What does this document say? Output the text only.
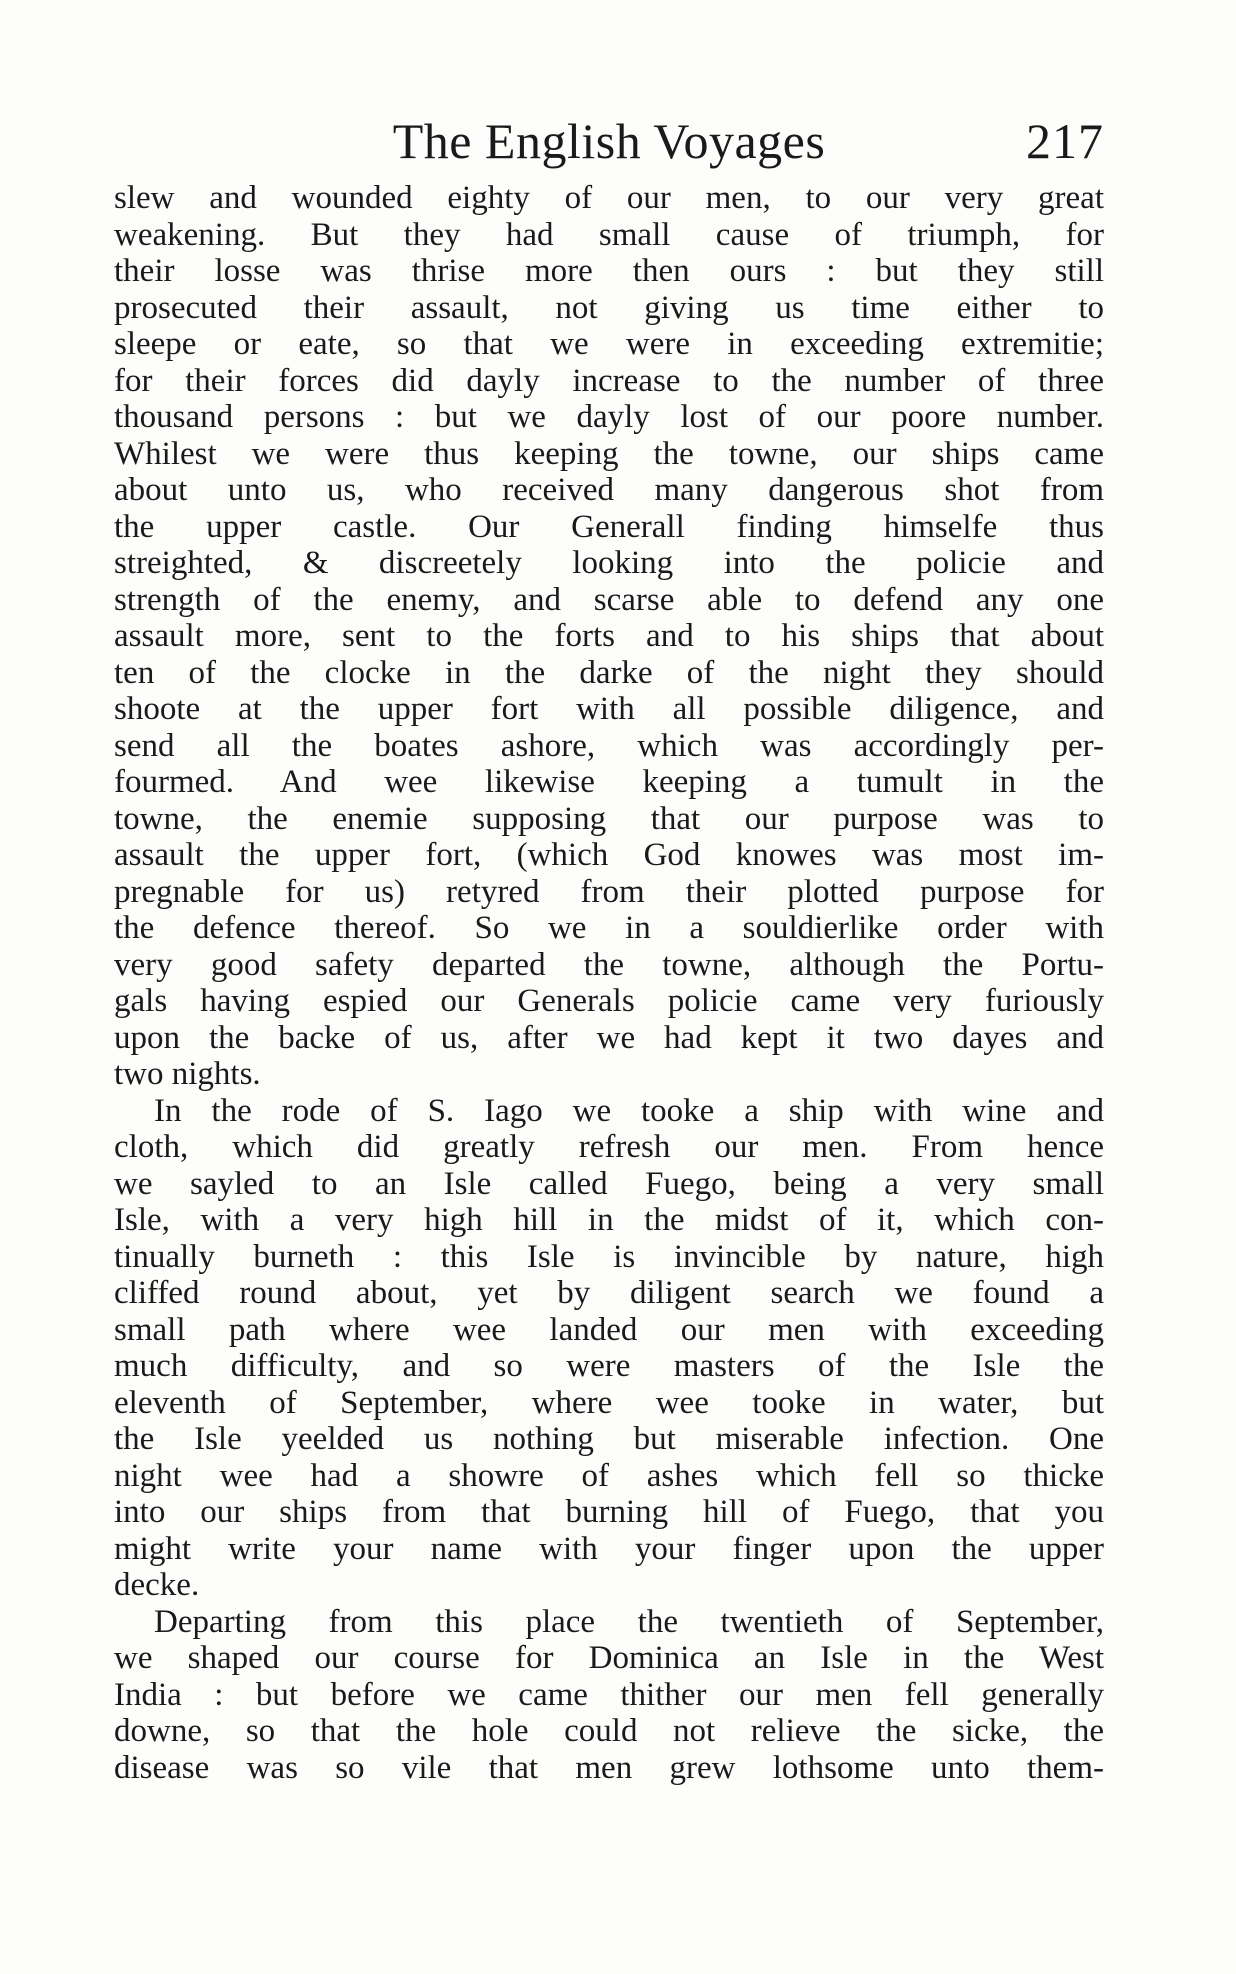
The English Voyages	217
slew and wounded eighty of our men, to our very great
weakening. But they had small cause of triumph, for
their losse was thrise more then ours : but they still
prosecuted their assault, not giving us time either to
sleepe or eate, so that we were in exceeding extremitie;
for their forces did dayly increase to the number of three
thousand persons : but we dayly lost of our poore number.
Whilest we were thus keeping the towne, our ships came
about unto us, who received many dangerous shot from
the upper castle. Our Generall finding himselfe thus
streighted, & discreetely looking into the policie and
strength of the enemy, and scarse able to defend any one
assault more, sent to the forts and to his ships that about
ten of the clocke in the darke of the night they should
shoote at the upper fort with all possible diligence, and
send all the boates ashore, which was accordingly per-
fourmed. And wee likewise keeping a tumult in the
towne, the enemie supposing that our purpose was to
assault the upper fort, (which God knowes was most im-
pregnable for us) retyred from their plotted purpose for
the defence thereof. So we in a souldierlike order with
very good safety departed the towne, although the Portu-
gals having espied our Generals policie came very furiously
upon the backe of us, after we had kept it two dayes and
two nights.
In the rode of S. Iago we tooke a ship with wine and
cloth, which did greatly refresh our men. From hence
we sayled to an Isle called Fuego, being a very small
Isle, with a very high hill in the midst of it, which con-
tinually burneth : this Isle is invincible by nature, high
cliffed round about, yet by diligent search we found a
small path where wee landed our men with exceeding
much difficulty, and so were masters of the Isle the
eleventh of September, where wee tooke in water, but
the Isle yeelded us nothing but miserable infection. One
night wee had a showre of ashes which fell so thicke
into our ships from that burning hill of Fuego, that you
might write your name with your finger upon the upper
decke.
Departing from this place the twentieth of September,
we shaped our course for Dominica an Isle in the West
India : but before we came thither our men fell generally
downe, so that the hole could not relieve the sicke, the
disease was so vile that men grew lothsome unto them-
